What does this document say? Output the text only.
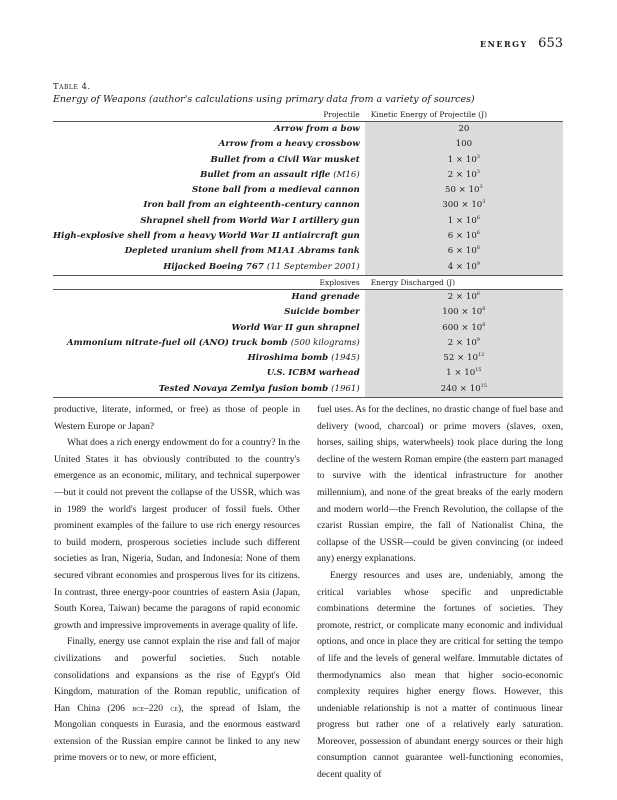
energy 653
Table 4.
Energy of Weapons (author's calculations using primary data from a variety of sources)
Projectile	Kinetic Energy of Projectile (J)
Arrow from a bow	20
Arrow from a heavy crossbow	100
Bullet from a Civil War musket	$1 \times 10^3$
Bullet from an assault rifle (M16)	$2 \times 10^3$
Stone ball from a medieval cannon	$50 \times 10^3$
Iron ball from an eighteenth-century cannon	$300 \times 10^3$
Shrapnel shell from World War I artillery gun	$1 \times 10^6$
High-explosive shell from a heavy World War II antiaircraft gun	$6 \times 10^6$
Depleted uranium shell from M1A1 Abrams tank	$6 \times 10^6$
Hijacked Boeing 767 (11 September 2001)	$4 \times 10^9$
Explosives	Energy Discharged (J)
Hand grenade	$2 \times 10^6$
Suicide bomber	$100 \times 10^6$
World War II gun shrapnel	$600 \times 10^6$
Ammonium nitrate-fuel oil (ANO) truck bomb (500 kilograms)	$2 \times 10^9$
Hiroshima bomb (1945)	$52 \times 10^{12}$
U.S. ICBM warhead	$1 \times 10^{15}$
Tested Novaya Zemlya fusion bomb (1961)	$240 \times 10^{15}$

productive, literate, informed, or free) as those of people in Western Europe or Japan?

What does a rich energy endowment do for a country? In the United States it has obviously contributed to the country's emergence as an economic, military, and technical superpower—but it could not prevent the collapse of the USSR, which was in 1989 the world's largest producer of fossil fuels. Other prominent examples of the failure to use rich energy resources to build modern, prosperous societies include such different societies as Iran, Nigeria, Sudan, and Indonesia: None of them secured vibrant economies and prosperous lives for its citizens. In contrast, three energy-poor countries of eastern Asia (Japan, South Korea, Taiwan) became the paragons of rapid economic growth and impressive improvements in average quality of life.

Finally, energy use cannot explain the rise and fall of major civilizations and powerful societies. Such notable consolidations and expansions as the rise of Egypt's Old Kingdom, maturation of the Roman republic, unification of Han China (206 bce–220 ce), the spread of Islam, the Mongolian conquests in Eurasia, and the enormous eastward extension of the Russian empire cannot be linked to any new prime movers or to new, or more efficient,

fuel uses. As for the declines, no drastic change of fuel base and delivery (wood, charcoal) or prime movers (slaves, oxen, horses, sailing ships, waterwheels) took place during the long decline of the western Roman empire (the eastern part managed to survive with the identical infrastructure for another millennium), and none of the great breaks of the early modern and modern world—the French Revolution, the collapse of the czarist Russian empire, the fall of Nationalist China, the collapse of the USSR—could be given convincing (or indeed any) energy explanations.

Energy resources and uses are, undeniably, among the critical variables whose specific and unpredictable combinations determine the fortunes of societies. They promote, restrict, or complicate many economic and individual options, and once in place they are critical for setting the tempo of life and the levels of general welfare. Immutable dictates of thermodynamics also mean that higher socio-economic complexity requires higher energy flows. However, this undeniable relationship is not a matter of continuous linear progress but rather one of a relatively early saturation. Moreover, possession of abundant energy sources or their high consumption cannot guarantee well-functioning economies, decent quality of
